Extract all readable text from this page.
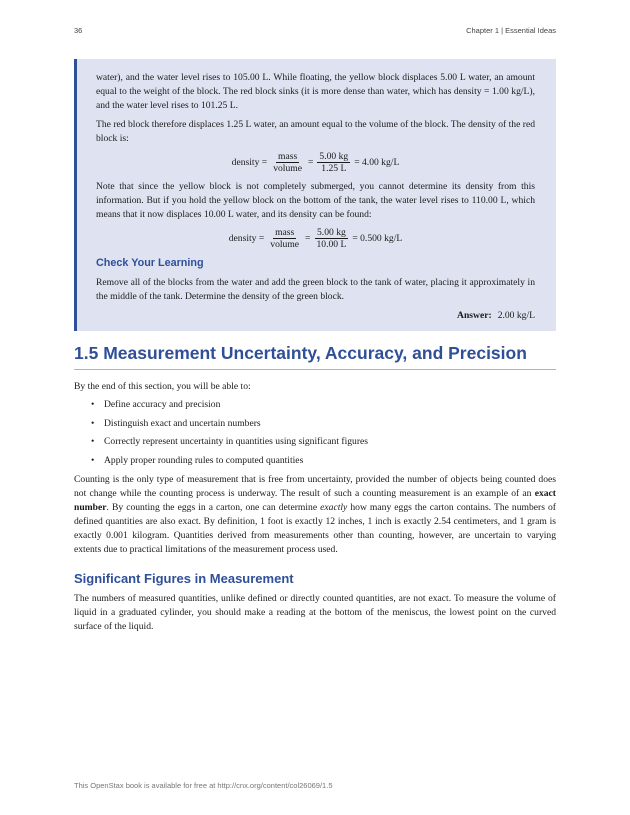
36	Chapter 1 | Essential Ideas

water), and the water level rises to 105.00 L. While floating, the yellow block displaces 5.00 L water, an amount equal to the weight of the block. The red block sinks (it is more dense than water, which has density = 1.00 kg/L), and the water level rises to 101.25 L.

The red block therefore displaces 1.25 L water, an amount equal to the volume of the block. The density of the red block is:

density = $\frac{\text{mass}}{\text{volume}} = \frac{5.00 kg}{1.25 L} = 4.00$ kg/L

Note that since the yellow block is not completely submerged, you cannot determine its density from this information. But if you hold the yellow block on the bottom of the tank, the water level rises to 110.00 L, which means that it now displaces 10.00 L water, and its density can be found:

density = $\frac{\text{mass}}{\text{volume}} = \frac{5.00 kg}{10.00 L} = 0.500$ kg/L
Check Your Learning

Remove all of the blocks from the water and add the green block to the tank of water, placing it approximately in the middle of the tank. Determine the density of the green block.

Answer: 2.00 kg/L
1.5 Measurement Uncertainty, Accuracy, and Precision
By the end of this section, you will be able to:
• Define accuracy and precision
• Distinguish exact and uncertain numbers
• Correctly represent uncertainty in quantities using significant figures
• Apply proper rounding rules to computed quantities
Counting is the only type of measurement that is free from uncertainty, provided the number of objects being counted does not change while the counting process is underway. The result of such a counting measurement is an example of an exact number. By counting the eggs in a carton, one can determine exactly how many eggs the carton contains. The numbers of defined quantities are also exact. By definition, 1 foot is exactly 12 inches, 1 inch is exactly 2.54 centimeters, and 1 gram is exactly 0.001 kilogram. Quantities derived from measurements other than counting, however, are uncertain to varying extents due to practical limitations of the measurement process used.
Significant Figures in Measurement
The numbers of measured quantities, unlike defined or directly counted quantities, are not exact. To measure the volume of liquid in a graduated cylinder, you should make a reading at the bottom of the meniscus, the lowest point on the curved surface of the liquid.
This OpenStax book is available for free at http://cnx.org/content/col26069/1.5
